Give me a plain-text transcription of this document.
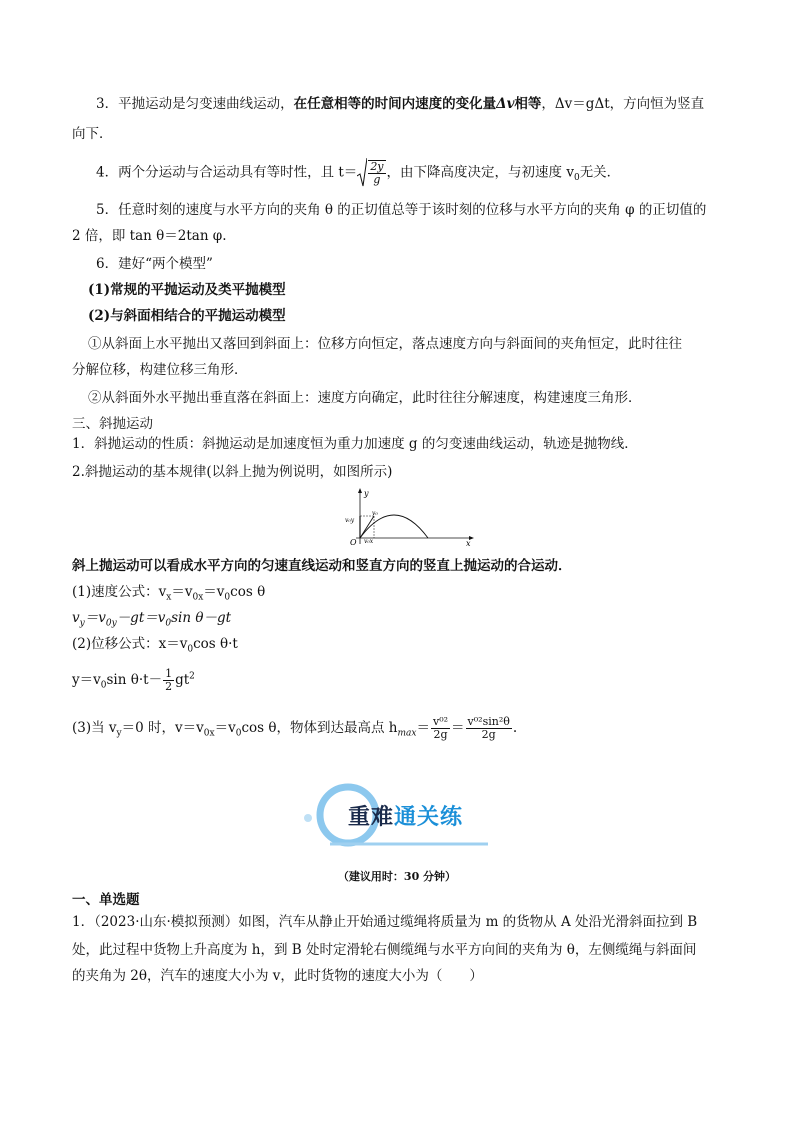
3．平抛运动是匀变速曲线运动，在任意相等的时间内速度的变化量Δv相等，Δv＝gΔt，方向恒为竖直
向下．
4．两个分运动与合运动具有等时性，且 $t= \frac{2y}{g}$ ，由下降高度决定，与初速度 $v_0$无关．
5．任意时刻的速度与水平方向的夹角 θ 的正切值总等于该时刻的位移与水平方向的夹角 φ 的正切值的
2 倍，即 tan θ＝2tan φ.
6．建好“两个模型”
(1)常规的平抛运动及类平抛模型
(2)与斜面相结合的平抛运动模型
①从斜面上水平抛出又落回到斜面上：位移方向恒定，落点速度方向与斜面间的夹角恒定，此时往往
分解位移，构建位移三角形．
②从斜面外水平抛出垂直落在斜面上：速度方向确定，此时往往分解速度，构建速度三角形．
三、斜抛运动
1．斜抛运动的性质：斜抛运动是加速度恒为重力加速度 g 的匀变速曲线运动，轨迹是抛物线．
2.斜抛运动的基本规律(以斜上抛为例说明，如图所示)
y
x
O
v₀
v₀y
v₀x
斜上抛运动可以看成水平方向的匀速直线运动和竖直方向的竖直上抛运动的合运动．
(1)速度公式：$v_x=v_{0x}=v_0\cos$ θ
$v_y=v_{0y}-gt=v_0\sin$ θ－gt
(2)位移公式：$x=v_0\cos$ θ·t
$y=v_0\sin$ $\theta\cdot t- \frac{1}{2} gt^2$
(3)当 $v_y=0$ 时，$v=v_{0x}=v_0\cos$ θ，物体到达最高点 $h_{max}= \frac{\text{v⁰²}}{2g} = \frac{\text{v⁰²sin²θ}}{2g}$ .
重难通关练
（建议用时：30 分钟）
一、单选题
1．（2023·山东·模拟预测）如图，汽车从静止开始通过缆绳将质量为 m 的货物从 A 处沿光滑斜面拉到 B
处，此过程中货物上升高度为 h，到 B 处时定滑轮右侧缆绳与水平方向间的夹角为 θ，左侧缆绳与斜面间
的夹角为 2θ，汽车的速度大小为 v，此时货物的速度大小为（　　）
